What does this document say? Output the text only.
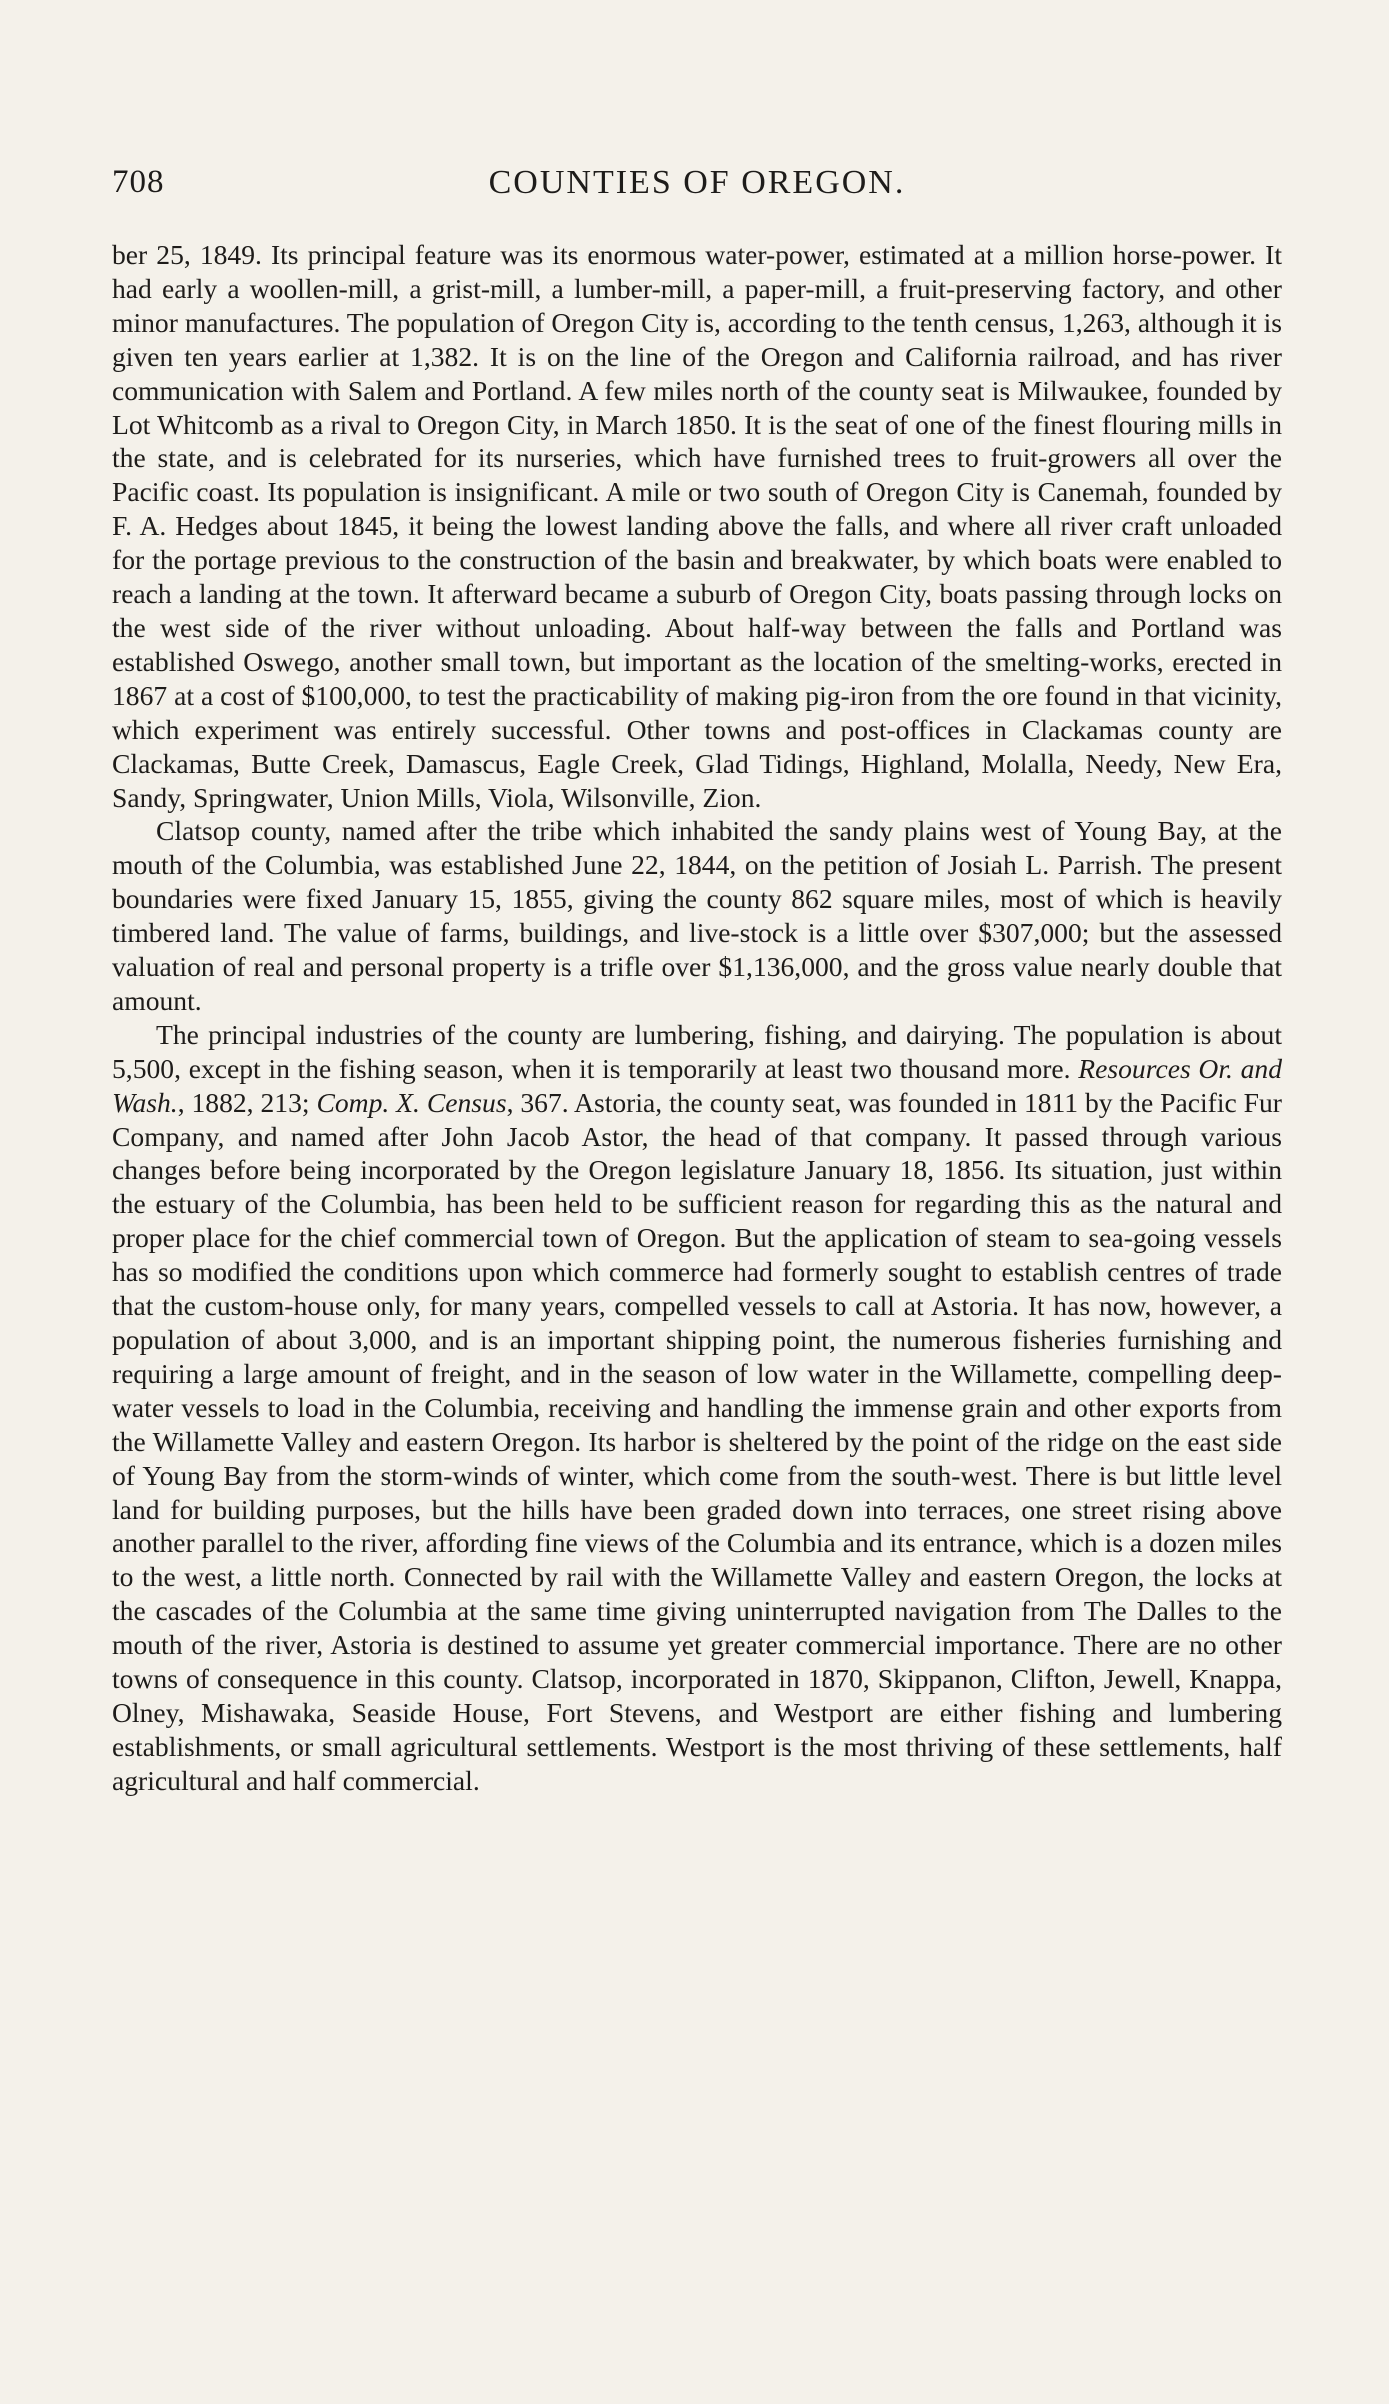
708	COUNTIES OF OREGON.

ber 25, 1849. Its principal feature was its enormous water-power, estimated at a million horse-power. It had early a woollen-mill, a grist-mill, a lumber-mill, a paper-mill, a fruit-preserving factory, and other minor manufactures. The population of Oregon City is, according to the tenth census, 1,263, although it is given ten years earlier at 1,382. It is on the line of the Oregon and California railroad, and has river communication with Salem and Portland. A few miles north of the county seat is Milwaukee, founded by Lot Whitcomb as a rival to Oregon City, in March 1850. It is the seat of one of the finest flouring mills in the state, and is celebrated for its nurseries, which have furnished trees to fruit-growers all over the Pacific coast. Its population is insignificant. A mile or two south of Oregon City is Canemah, founded by F. A. Hedges about 1845, it being the lowest landing above the falls, and where all river craft unloaded for the portage previous to the construction of the basin and breakwater, by which boats were enabled to reach a landing at the town. It afterward became a suburb of Oregon City, boats passing through locks on the west side of the river without unloading. About half-way between the falls and Portland was established Oswego, another small town, but important as the location of the smelting-works, erected in 1867 at a cost of $100,000, to test the practicability of making pig-iron from the ore found in that vicinity, which experiment was entirely successful. Other towns and post-offices in Clackamas county are Clackamas, Butte Creek, Damascus, Eagle Creek, Glad Tidings, Highland, Molalla, Needy, New Era, Sandy, Springwater, Union Mills, Viola, Wilsonville, Zion.

Clatsop county, named after the tribe which inhabited the sandy plains west of Young Bay, at the mouth of the Columbia, was established June 22, 1844, on the petition of Josiah L. Parrish. The present boundaries were fixed January 15, 1855, giving the county 862 square miles, most of which is heavily timbered land. The value of farms, buildings, and live-stock is a little over $307,000; but the assessed valuation of real and personal property is a trifle over $1,136,000, and the gross value nearly double that amount.

The principal industries of the county are lumbering, fishing, and dairying. The population is about 5,500, except in the fishing season, when it is temporarily at least two thousand more. Resources Or. and Wash., 1882, 213; Comp. X. Census, 367. Astoria, the county seat, was founded in 1811 by the Pacific Fur Company, and named after John Jacob Astor, the head of that company. It passed through various changes before being incorporated by the Oregon legislature January 18, 1856. Its situation, just within the estuary of the Columbia, has been held to be sufficient reason for regarding this as the natural and proper place for the chief commercial town of Oregon. But the application of steam to sea-going vessels has so modified the conditions upon which commerce had formerly sought to establish centres of trade that the custom-house only, for many years, compelled vessels to call at Astoria. It has now, however, a population of about 3,000, and is an important shipping point, the numerous fisheries furnishing and requiring a large amount of freight, and in the season of low water in the Willamette, compelling deep-water vessels to load in the Columbia, receiving and handling the immense grain and other exports from the Willamette Valley and eastern Oregon. Its harbor is sheltered by the point of the ridge on the east side of Young Bay from the storm-winds of winter, which come from the south-west. There is but little level land for building purposes, but the hills have been graded down into terraces, one street rising above another parallel to the river, affording fine views of the Columbia and its entrance, which is a dozen miles to the west, a little north. Connected by rail with the Willamette Valley and eastern Oregon, the locks at the cascades of the Columbia at the same time giving uninterrupted navigation from The Dalles to the mouth of the river, Astoria is destined to assume yet greater commercial importance. There are no other towns of consequence in this county. Clatsop, incorporated in 1870, Skippanon, Clifton, Jewell, Knappa, Olney, Mishawaka, Seaside House, Fort Stevens, and Westport are either fishing and lumbering establishments, or small agricultural settlements. Westport is the most thriving of these settlements, half agricultural and half commercial.
